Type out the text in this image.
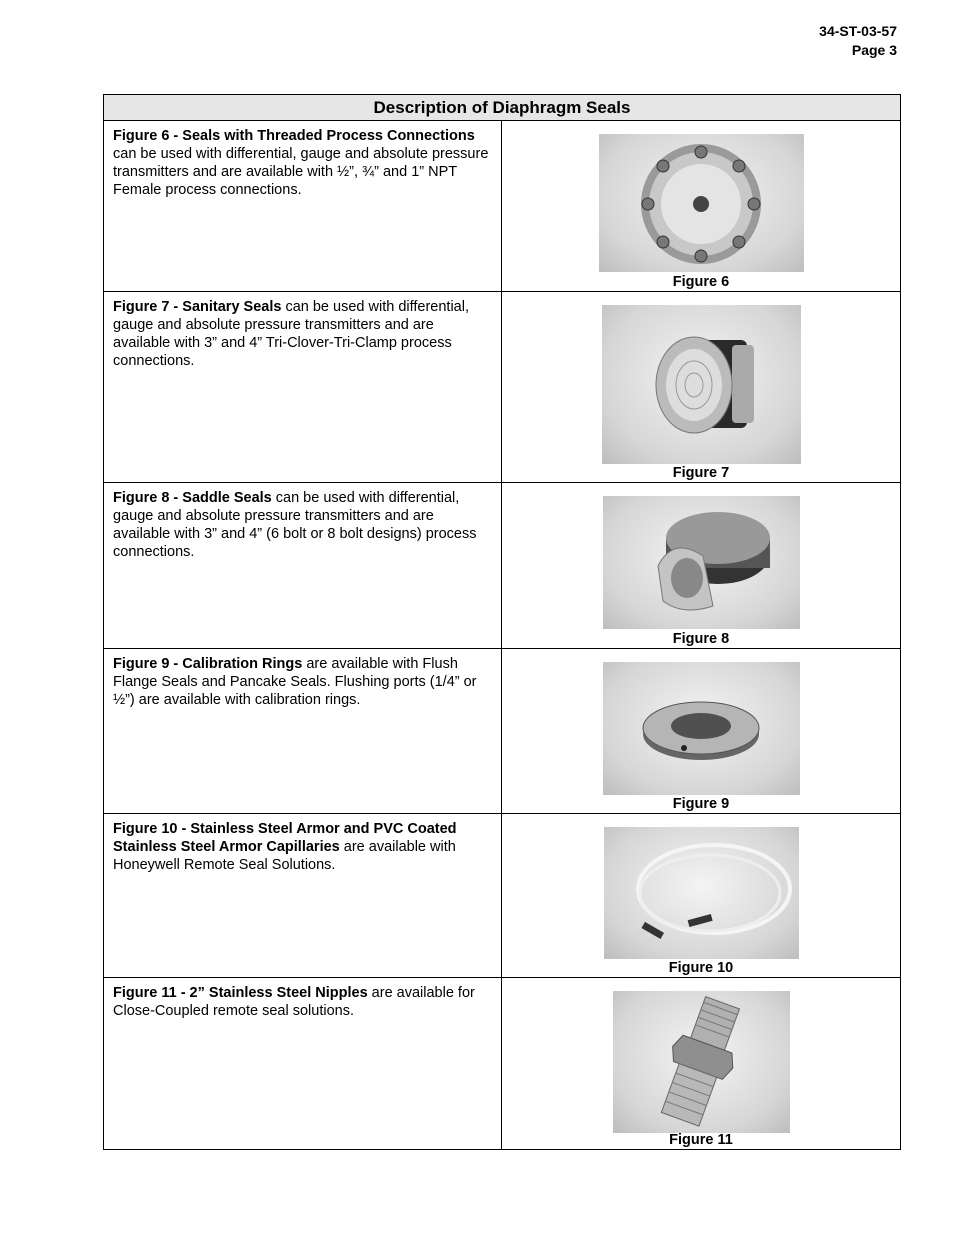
34-ST-03-57
Page 3
Description of Diaphragm Seals	

Figure 6 - Seals with Threaded Process Connections can be used with differential, gauge and absolute pressure transmitters and are available with ½”, ¾” and 1” NPT Female process connections.	Figure 6

Figure 7 - Sanitary Seals can be used with differential, gauge and absolute pressure transmitters and are available with 3” and 4” Tri-Clover-Tri-Clamp process connections.	Figure 7

Figure 8 - Saddle Seals can be used with differential, gauge and absolute pressure transmitters and are available with 3” and 4” (6 bolt or 8 bolt designs) process connections.	Figure 8

Figure 9 - Calibration Rings are available with Flush Flange Seals and Pancake Seals. Flushing ports (1/4” or ½”) are available with calibration rings.	Figure 9

Figure 10 - Stainless Steel Armor and PVC Coated Stainless Steel Armor Capillaries are available with Honeywell Remote Seal Solutions.	Figure 10

Figure 11 - 2” Stainless Steel Nipples are available for Close-Coupled remote seal solutions.	Figure 11
